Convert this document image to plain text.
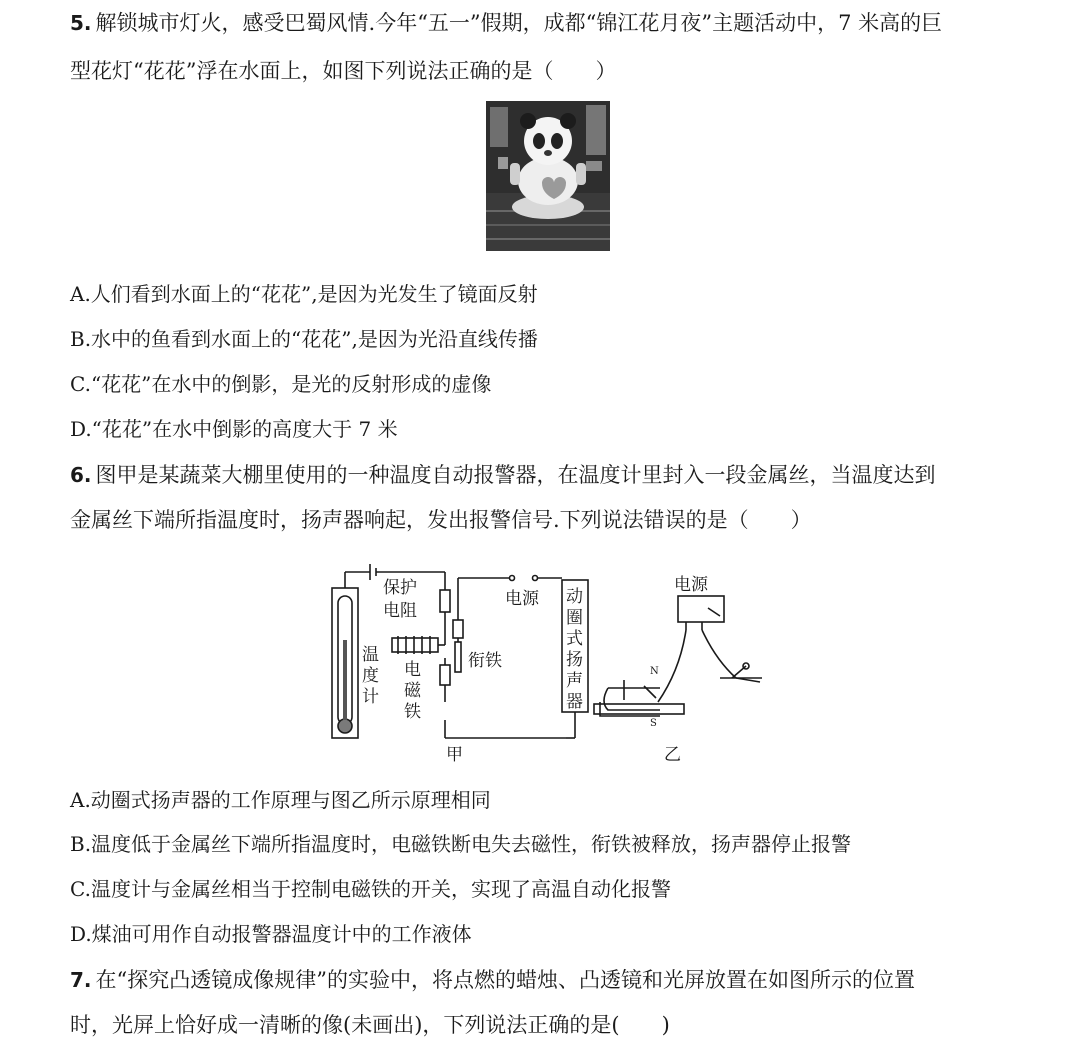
5. 解锁城市灯火，感受巴蜀风情.今年“五一”假期，成都“锦江花月夜”主题活动中，7 米高的巨
型花灯“花花”浮在水面上，如图下列说法正确的是（　　）
A.人们看到水面上的“花花”,是因为光发生了镜面反射
B.水中的鱼看到水面上的“花花”,是因为光沿直线传播
C.“花花”在水中的倒影，是光的反射形成的虚像
D.“花花”在水中倒影的高度大于 7 米
6. 图甲是某蔬菜大棚里使用的一种温度自动报警器，在温度计里封入一段金属丝，当温度达到
金属丝下端所指温度时，扬声器响起，发出报警信号.下列说法错误的是（　　）
保护
电阻
电源
衔铁
温
度
计
电
磁
铁
动
圈
式
扬
声
器
甲
电源
N
S
乙
A.动圈式扬声器的工作原理与图乙所示原理相同
B.温度低于金属丝下端所指温度时，电磁铁断电失去磁性，衔铁被释放，扬声器停止报警
C.温度计与金属丝相当于控制电磁铁的开关，实现了高温自动化报警
D.煤油可用作自动报警器温度计中的工作液体
7. 在“探究凸透镜成像规律”的实验中，将点燃的蜡烛、凸透镜和光屏放置在如图所示的位置
时，光屏上恰好成一清晰的像(未画出)，下列说法正确的是(　　)
